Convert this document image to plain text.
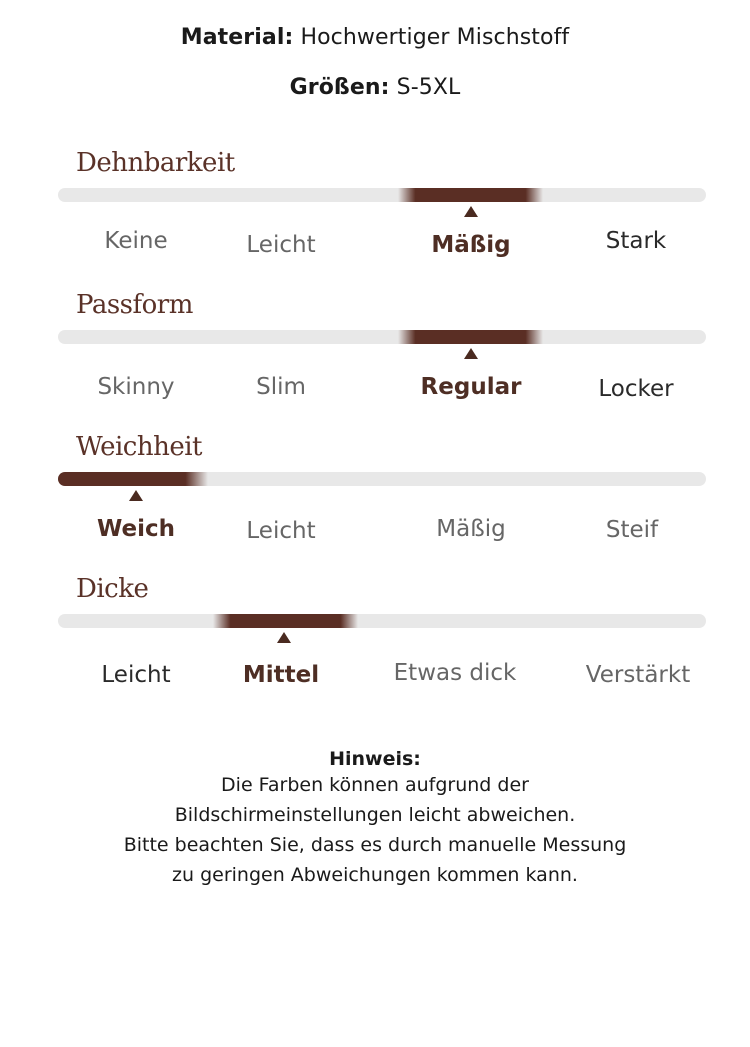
Material: Hochwertiger Mischstoff
Größen: S-5XL
Dehnbarkeit
Keine	Leicht	Mäßig	Stark
Passform
Skinny	Slim	Regular	Locker
Weichheit
Weich	Leicht	Mäßig	Steif
Dicke
Leicht	Mittel	Etwas dick	Verstärkt
Hinweis:
Die Farben können aufgrund der
Bildschirmeinstellungen leicht abweichen.
Bitte beachten Sie, dass es durch manuelle Messung
zu geringen Abweichungen kommen kann.
